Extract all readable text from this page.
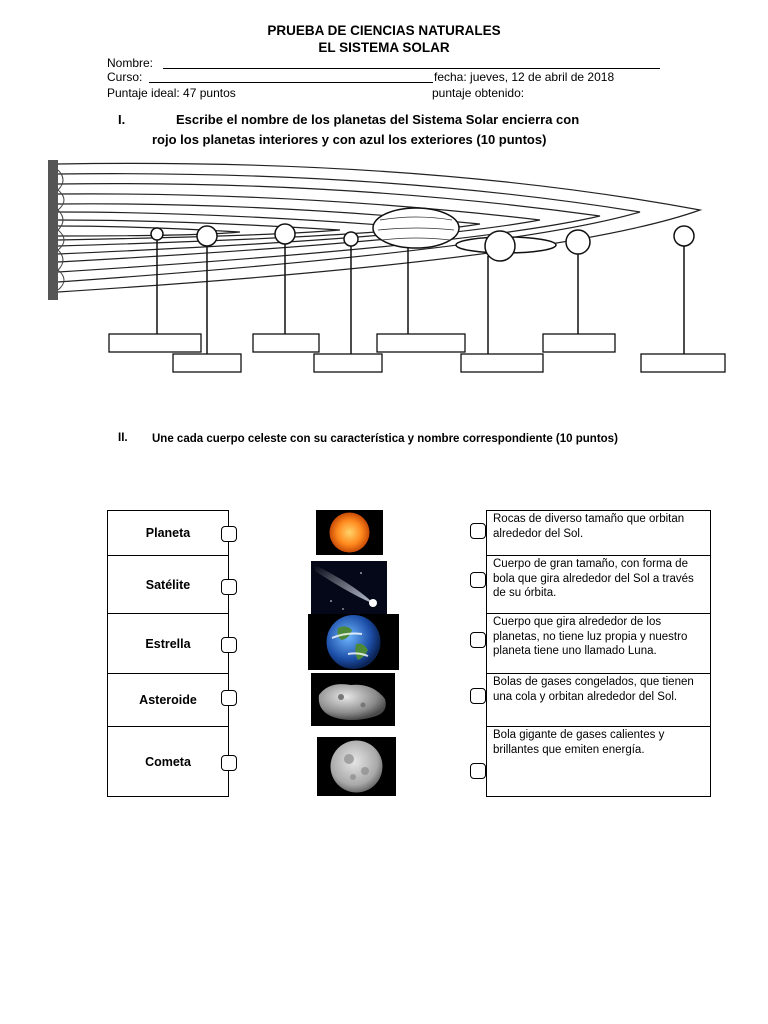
PRUEBA DE CIENCIAS NATURALES
EL SISTEMA SOLAR
Nombre:
Curso:	fecha: jueves, 12 de abril de 2018
Puntaje ideal: 47 puntos	puntaje obtenido:
I.	Escribe el nombre de los planetas del Sistema Solar encierra con
rojo los planetas interiores y con azul los exteriores (10 puntos)
II. Une cada cuerpo celeste con su característica y nombre correspondiente (10 puntos)
Planeta
Satélite
Estrella
Asteroide
Cometa
Rocas de diverso tamaño que orbitan alrededor del Sol.
Cuerpo de gran tamaño, con forma de bola que gira alrededor del Sol a través de su órbita.
Cuerpo que gira alrededor de los planetas, no tiene luz propia y nuestro planeta tiene uno llamado Luna.
Bolas de gases congelados, que tienen una cola y orbitan alrededor del Sol.
Bola gigante de gases calientes y brillantes que emiten energía.
